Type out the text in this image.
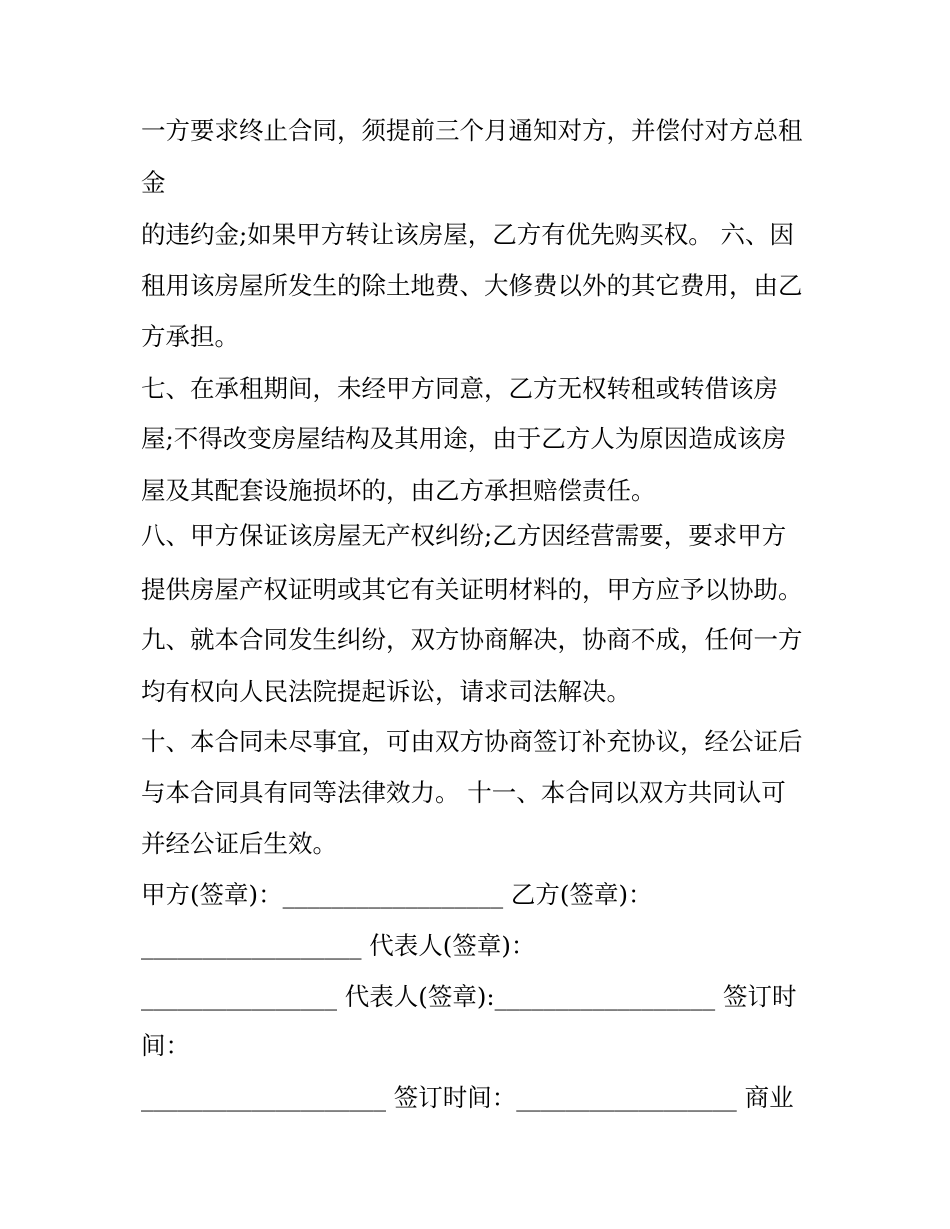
一方要求终止合同，须提前三个月通知对方，并偿付对方总租
金
的违约金;如果甲方转让该房屋，乙方有优先购买权。 六、因
租用该房屋所发生的除土地费、大修费以外的其它费用，由乙
方承担。
七、在承租期间，未经甲方同意，乙方无权转租或转借该房
屋;不得改变房屋结构及其用途，由于乙方人为原因造成该房
屋及其配套设施损坏的，由乙方承担赔偿责任。
八、甲方保证该房屋无产权纠纷;乙方因经营需要，要求甲方
提供房屋产权证明或其它有关证明材料的，甲方应予以协助。
九、就本合同发生纠纷，双方协商解决，协商不成，任何一方
均有权向人民法院提起诉讼，请求司法解决。
十、本合同未尽事宜，可由双方协商签订补充协议，经公证后
与本合同具有同等法律效力。 十一、本合同以双方共同认可
并经公证后生效。
甲方(签章)：__________________ 乙方(签章)：
__________________ 代表人(签章)：
________________ 代表人(签章):__________________ 签订时
间：
____________________ 签订时间：__________________ 商业
